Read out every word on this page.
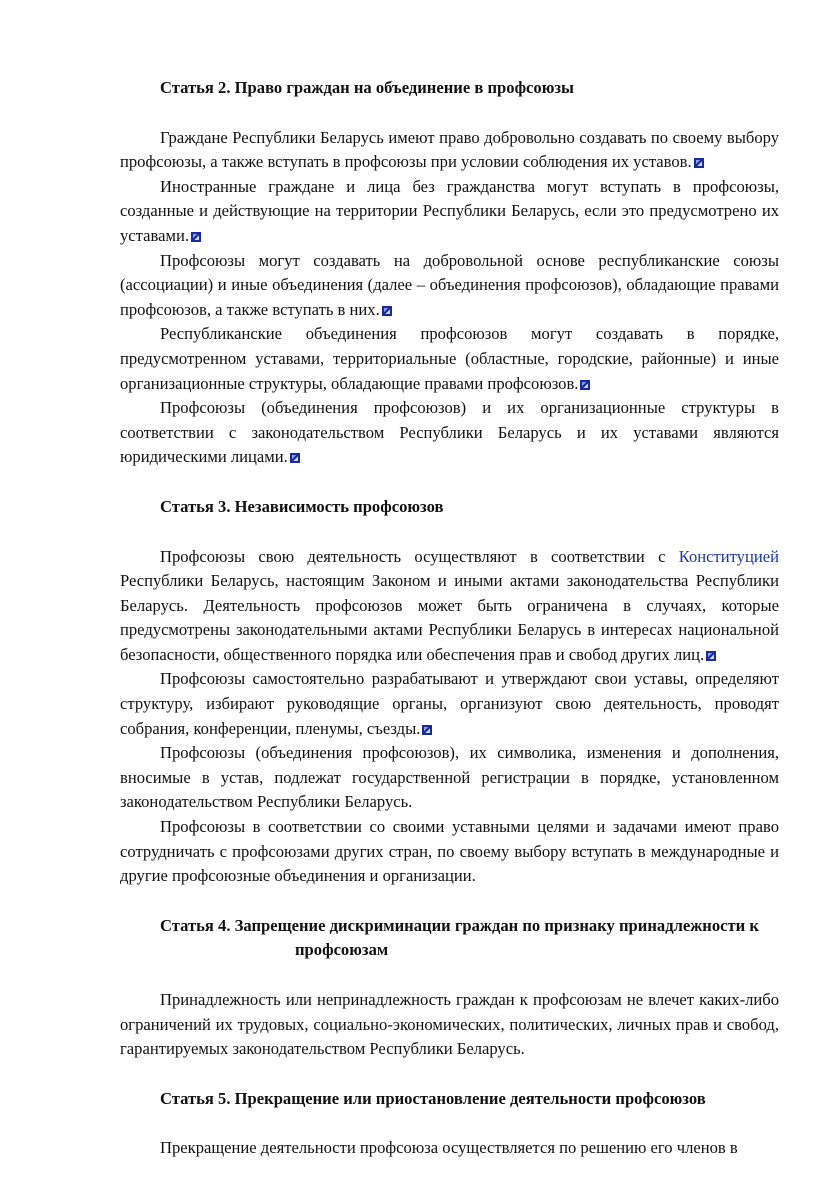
Статья 2. Право граждан на объединение в профсоюзы

Граждане Республики Беларусь имеют право добровольно создавать по своему выбору профсоюзы, а также вступать в профсоюзы при условии соблюдения их уставов.

Иностранные граждане и лица без гражданства могут вступать в профсоюзы, созданные и действующие на территории Республики Беларусь, если это предусмотрено их уставами.

Профсоюзы могут создавать на добровольной основе республиканские союзы (ассоциации) и иные объединения (далее – объединения профсоюзов), обладающие правами профсоюзов, а также вступать в них.

Республиканские объединения профсоюзов могут создавать в порядке, предусмотренном уставами, территориальные (областные, городские, районные) и иные организационные структуры, обладающие правами профсоюзов.

Профсоюзы (объединения профсоюзов) и их организационные структуры в соответствии с законодательством Республики Беларусь и их уставами являются юридическими лицами.

Статья 3. Независимость профсоюзов

Профсоюзы свою деятельность осуществляют в соответствии с Конституцией Республики Беларусь, настоящим Законом и иными актами законодательства Республики Беларусь. Деятельность профсоюзов может быть ограничена в случаях, которые предусмотрены законодательными актами Республики Беларусь в интересах национальной безопасности, общественного порядка или обеспечения прав и свобод других лиц.

Профсоюзы самостоятельно разрабатывают и утверждают свои уставы, определяют структуру, избирают руководящие органы, организуют свою деятельность, проводят собрания, конференции, пленумы, съезды.

Профсоюзы (объединения профсоюзов), их символика, изменения и дополнения, вносимые в устав, подлежат государственной регистрации в порядке, установленном законодательством Республики Беларусь.

Профсоюзы в соответствии со своими уставными целями и задачами имеют право сотрудничать с профсоюзами других стран, по своему выбору вступать в международные и другие профсоюзные объединения и организации.

Статья 4. Запрещение дискриминации граждан по признаку принадлежности к
профсоюзам

Принадлежность или непринадлежность граждан к профсоюзам не влечет каких-либо ограничений их трудовых, социально-экономических, политических, личных прав и свобод, гарантируемых законодательством Республики Беларусь.

Статья 5. Прекращение или приостановление деятельности профсоюзов

Прекращение деятельности профсоюза осуществляется по решению его членов в
